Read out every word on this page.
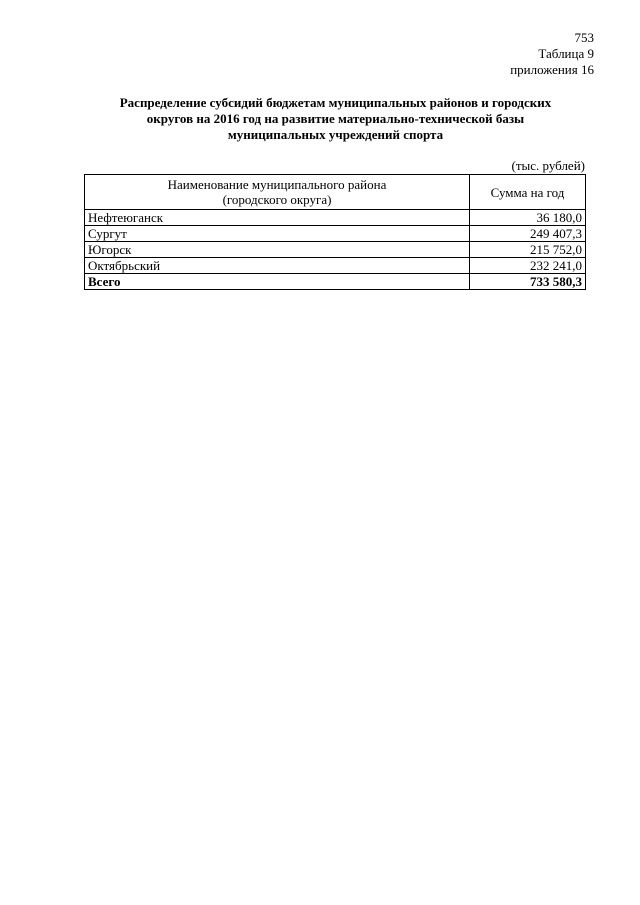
753
Таблица 9
приложения 16
Распределение субсидий бюджетам муниципальных районов и городских
округов на 2016 год на развитие материально-технической базы
муниципальных учреждений спорта
(тыс. рублей)
Наименование муниципального района
(городского округа)	Сумма на год
Нефтеюганск	36 180,0
Сургут	249 407,3
Югорск	215 752,0
Октябрьский	232 241,0
Всего	733 580,3
